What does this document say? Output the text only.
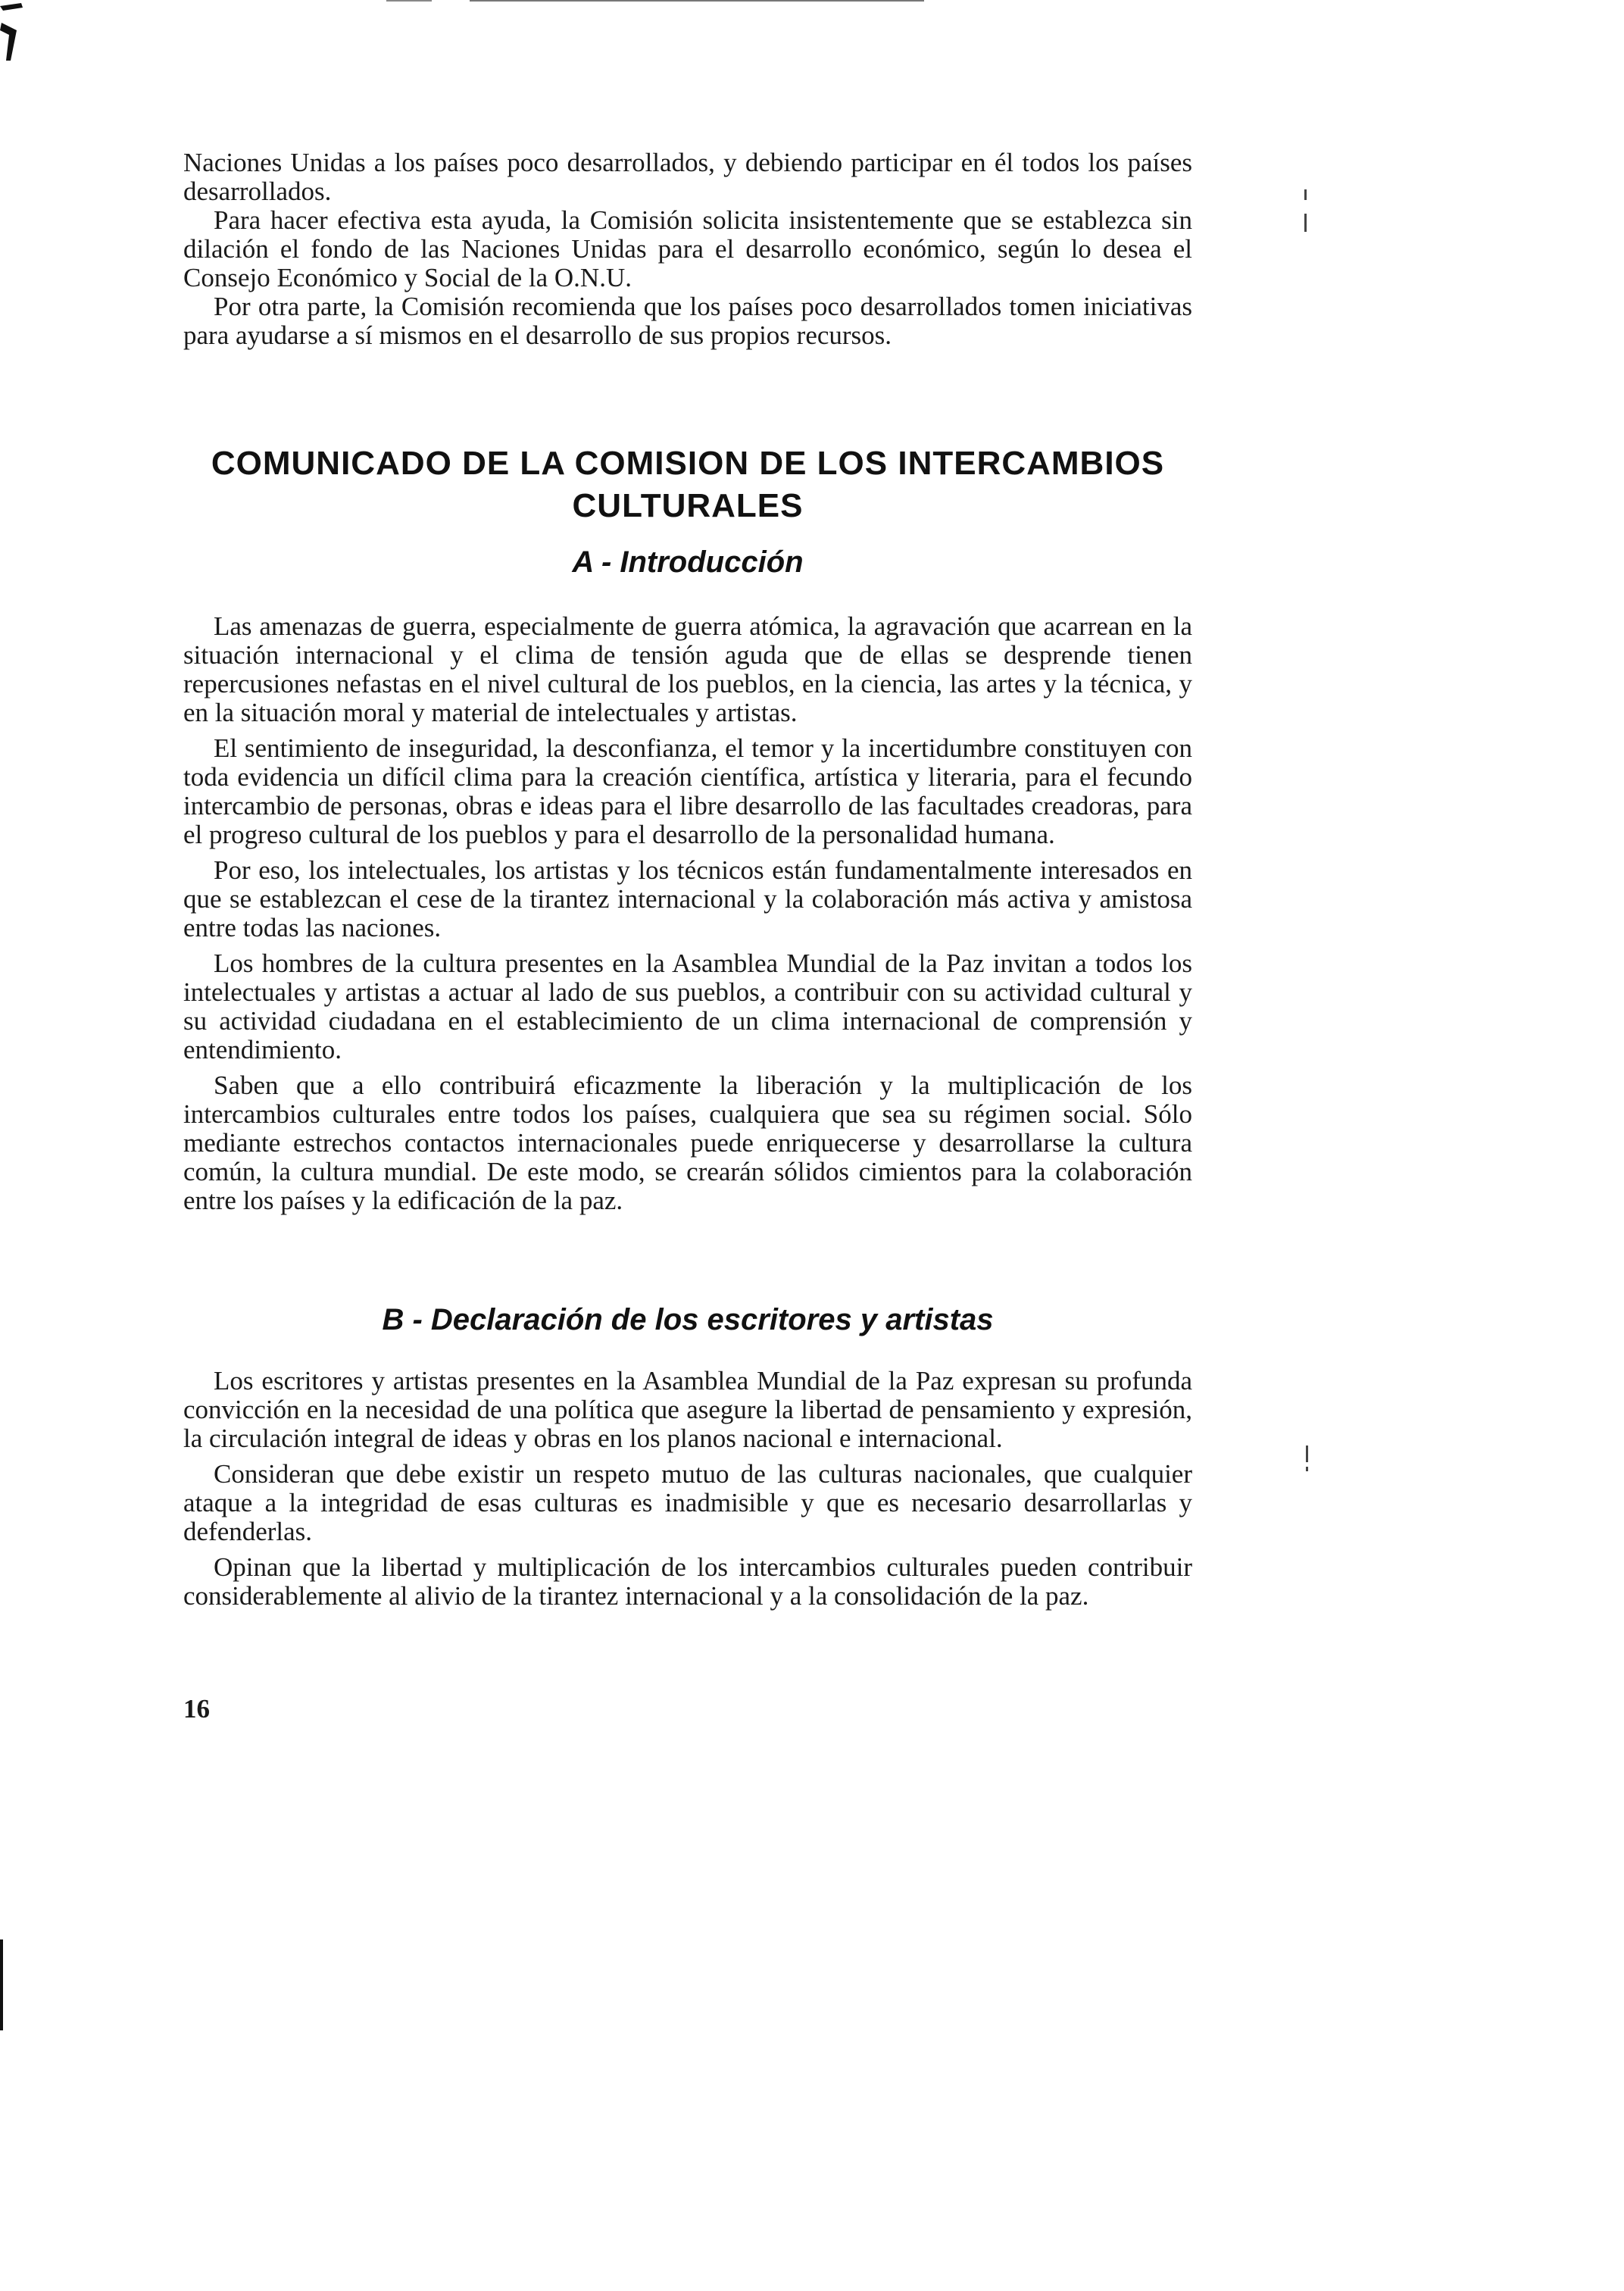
Naciones Unidas a los países poco desarrollados, y debiendo participar en él todos los países desarrollados.

Para hacer efectiva esta ayuda, la Comisión solicita insistentemente que se establezca sin dilación el fondo de las Naciones Unidas para el desarrollo económico, según lo desea el Consejo Económico y Social de la O.N.U.

Por otra parte, la Comisión recomienda que los países poco desarrollados tomen iniciativas para ayudarse a sí mismos en el desarrollo de sus propios recursos.

COMUNICADO DE LA COMISION DE LOS INTERCAMBIOS CULTURALES
A - Introducción

Las amenazas de guerra, especialmente de guerra atómica, la agravación que acarrean en la situación internacional y el clima de tensión aguda que de ellas se desprende tienen repercusiones nefastas en el nivel cultural de los pueblos, en la ciencia, las artes y la técnica, y en la situación moral y material de intelectuales y artistas.

El sentimiento de inseguridad, la desconfianza, el temor y la incertidumbre constituyen con toda evidencia un difícil clima para la creación científica, artística y literaria, para el fecundo intercambio de personas, obras e ideas para el libre desarrollo de las facultades creadoras, para el progreso cultural de los pueblos y para el desarrollo de la personalidad humana.

Por eso, los intelectuales, los artistas y los técnicos están fundamentalmente interesados en que se establezcan el cese de la tirantez internacional y la colaboración más activa y amistosa entre todas las naciones.

Los hombres de la cultura presentes en la Asamblea Mundial de la Paz invitan a todos los intelectuales y artistas a actuar al lado de sus pueblos, a contribuir con su actividad cultural y su actividad ciudadana en el establecimiento de un clima internacional de comprensión y entendimiento.

Saben que a ello contribuirá eficazmente la liberación y la multiplicación de los intercambios culturales entre todos los países, cualquiera que sea su régimen social. Sólo mediante estrechos contactos internacionales puede enriquecerse y desarrollarse la cultura común, la cultura mundial. De este modo, se crearán sólidos cimientos para la colaboración entre los países y la edificación de la paz.

B - Declaración de los escritores y artistas

Los escritores y artistas presentes en la Asamblea Mundial de la Paz expresan su profunda convicción en la necesidad de una política que asegure la libertad de pensamiento y expresión, la circulación integral de ideas y obras en los planos nacional e internacional.

Consideran que debe existir un respeto mutuo de las culturas nacionales, que cualquier ataque a la integridad de esas culturas es inadmisible y que es necesario desarrollarlas y defenderlas.

Opinan que la libertad y multiplicación de los intercambios culturales pueden contribuir considerablemente al alivio de la tirantez internacional y a la consolidación de la paz.

16
